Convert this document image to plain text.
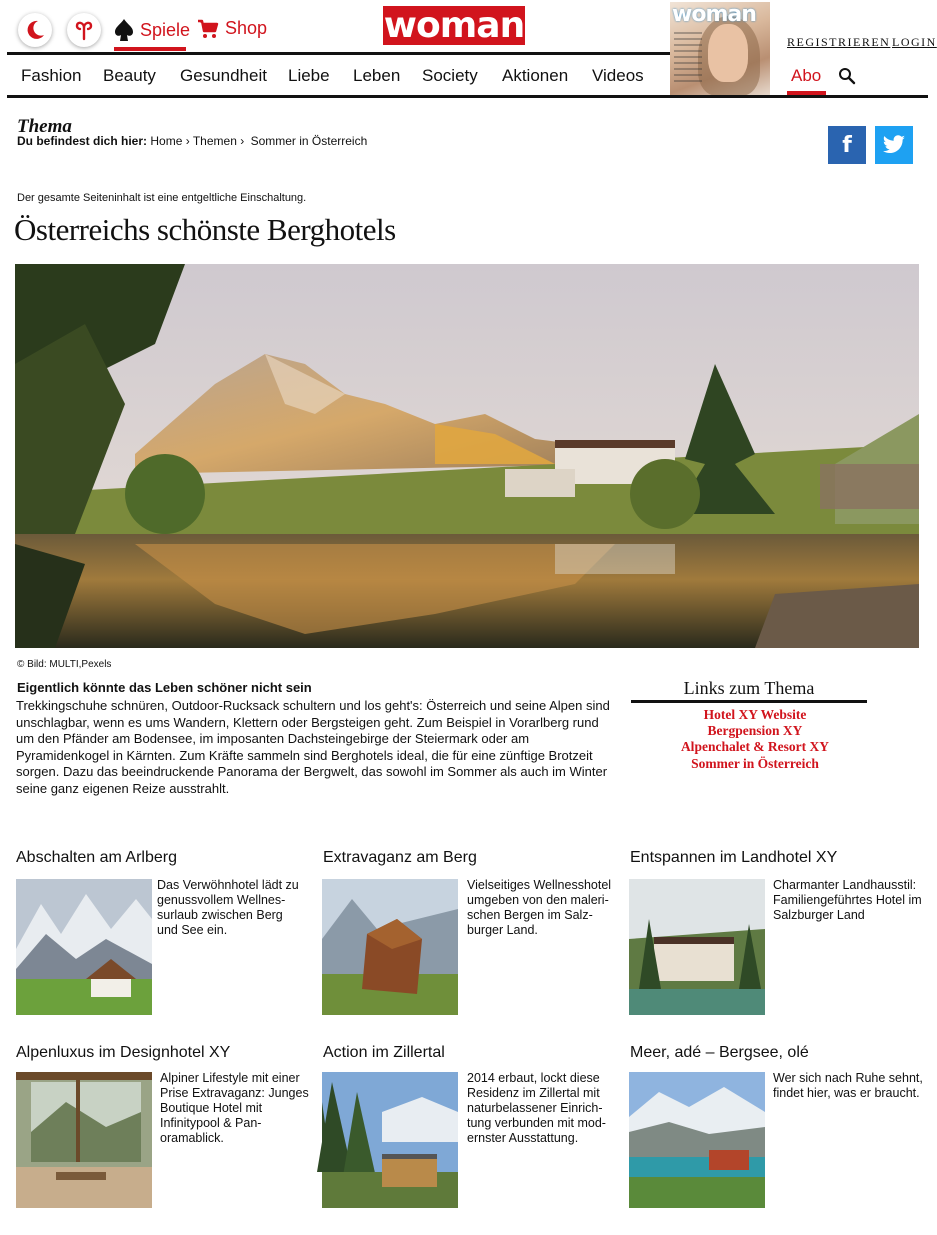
Spiele Shop	woman	woman
REGISTRIEREN LOGIN
Fashion Beauty Gesundheit Liebe Leben Society Aktionen Videos	Abo
Thema
Du befindest dich hier: Home › Themen › Sommer in Österreich	f
Der gesamte Seiteninhalt ist eine entgeltliche Einschaltung.
Österreichs schönste Berghotels
© Bild: MULTI,Pexels
Eigentlich könnte das Leben schöner nicht sein
Trekkingschuhe schnüren, Outdoor-Rucksack schultern und los geht's: Österreich und seine Alpen sind unschlagbar, wenn es ums Wandern, Klettern oder Bergsteigen geht. Zum Beispiel in Vorarlberg rund um den Pfänder am Bodensee, im imposanten Dachsteingebirge der Steiermark oder am Pyramidenkogel in Kärnten. Zum Kräfte sammeln sind Berghotels ideal, die für eine zünftige Brotzeit sorgen. Dazu das beeindruckende Panorama der Bergwelt, das sowohl im Sommer als auch im Winter seine ganz eigenen Reize ausstrahlt.
Links zum Thema
Hotel XY Website
Bergpension XY
Alpenchalet & Resort XY
Sommer in Österreich
Abschalten am Arlberg
Das Verwöhnhotel lädt zu genussvollem Wellnes-surlaub zwischen Berg und See ein.
Extravaganz am Berg
Vielseitiges Wellnesshotel umgeben von den maleri-schen Bergen im Salz-burger Land.
Entspannen im Landhotel XY
Charmanter Landhausstil: Familiengeführtes Hotel im Salzburger Land
Alpenluxus im Designhotel XY
Alpiner Lifestyle mit einer Prise Extravaganz: Junges Boutique Hotel mit Infinitypool & Pan-oramablick.
Action im Zillertal
2014 erbaut, lockt diese Residenz im Zillertal mit naturbelassener Einrich-tung verbunden mit mod-ernster Ausstattung.
Meer, adé – Bergsee, olé
Wer sich nach Ruhe sehnt, findet hier, was er braucht.
